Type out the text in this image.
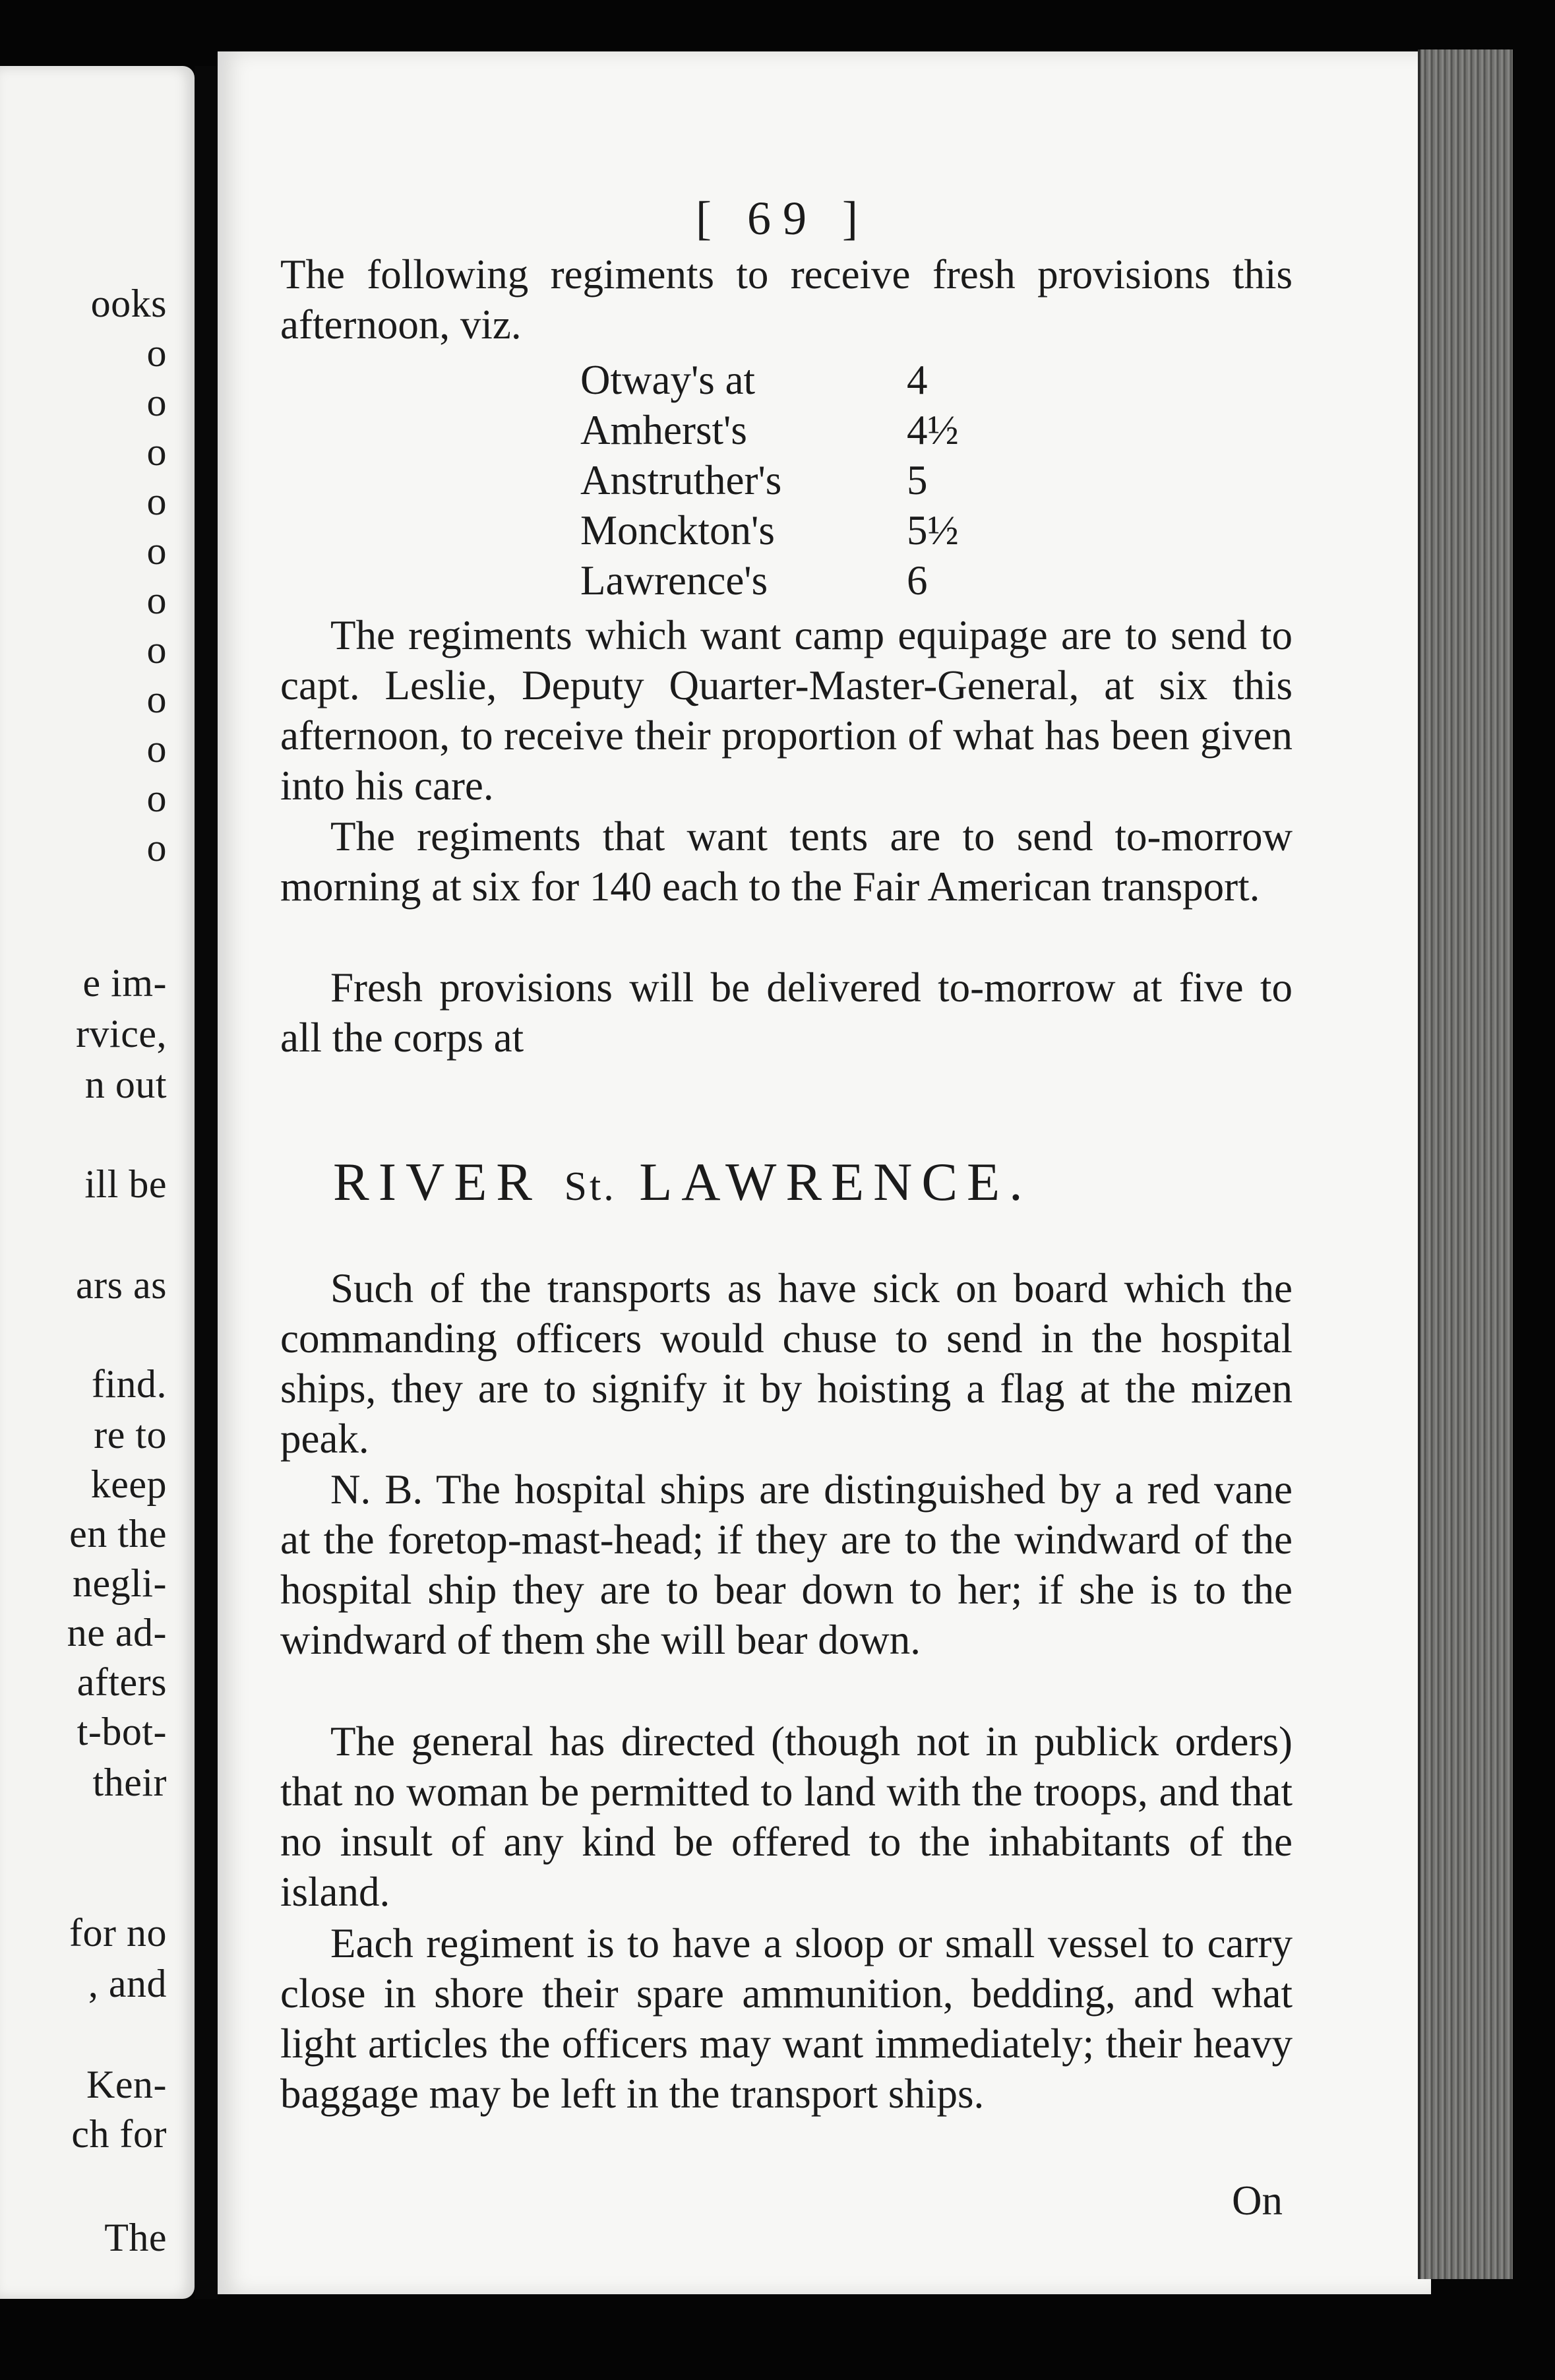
ooks
o
o
o
o
o
o
o
o
o
o
o
e im-
rvice,
n out
ill be
ars as
find.
re to
keep
en the
negli-
ne ad-
afters
t-bot-
their
for no
, and
Ken-
ch for
The
[ 69 ]
The following regiments to receive fresh provisions this afternoon, viz.
Otway's at	4
Amherst's	4½
Anstruther's	5
Monckton's	5½
Lawrence's	6
The regiments which want camp equipage are to send to capt. Leslie, Deputy Quarter-Master-General, at six this afternoon, to receive their proportion of what has been given into his care.
The regiments that want tents are to send to-morrow morning at six for 140 each to the Fair American transport.
Fresh provisions will be delivered to-morrow at five to all the corps at
RIVER St. LAWRENCE.
Such of the transports as have sick on board which the commanding officers would chuse to send in the hospital ships, they are to signify it by hoisting a flag at the mizen peak.
N. B. The hospital ships are distinguished by a red vane at the foretop-mast-head; if they are to the windward of the hospital ship they are to bear down to her; if she is to the windward of them she will bear down.
The general has directed (though not in publick orders) that no woman be permitted to land with the troops, and that no insult of any kind be offered to the inhabitants of the island.
Each regiment is to have a sloop or small vessel to carry close in shore their spare ammunition, bedding, and what light articles the officers may want immediately; their heavy baggage may be left in the transport ships.
On
